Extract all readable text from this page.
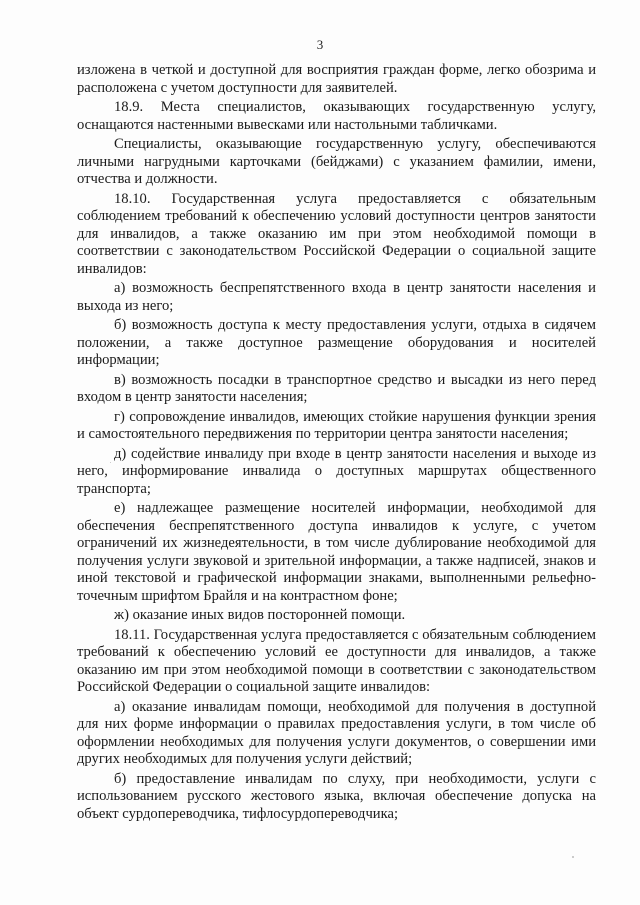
3

изложена в четкой и доступной для восприятия граждан форме, легко обозрима и расположена с учетом доступности для заявителей.

18.9. Места специалистов, оказывающих государственную услугу, оснащаются настенными вывесками или настольными табличками.

Специалисты, оказывающие государственную услугу, обеспечиваются личными нагрудными карточками (бейджами) с указанием фамилии, имени, отчества и должности.

18.10. Государственная услуга предоставляется с обязательным соблюдением требований к обеспечению условий доступности центров занятости для инвалидов, а также оказанию им при этом необходимой помощи в соответствии с законодательством Российской Федерации о социальной защите инвалидов:

а) возможность беспрепятственного входа в центр занятости населения и выхода из него;

б) возможность доступа к месту предоставления услуги, отдыха в сидячем положении, а также доступное размещение оборудования и носителей информации;

в) возможность посадки в транспортное средство и высадки из него перед входом в центр занятости населения;

г) сопровождение инвалидов, имеющих стойкие нарушения функции зрения и самостоятельного передвижения по территории центра занятости населения;

д) содействие инвалиду при входе в центр занятости населения и выходе из него, информирование инвалида о доступных маршрутах общественного транспорта;

е) надлежащее размещение носителей информации, необходимой для обеспечения беспрепятственного доступа инвалидов к услуге, с учетом ограничений их жизнедеятельности, в том числе дублирование необходимой для получения услуги звуковой и зрительной информации, а также надписей, знаков и иной текстовой и графической информации знаками, выполненными рельефно-точечным шрифтом Брайля и на контрастном фоне;

ж) оказание иных видов посторонней помощи.

18.11. Государственная услуга предоставляется с обязательным соблюдением требований к обеспечению условий ее доступности для инвалидов, а также оказанию им при этом необходимой помощи в соответствии с законодательством Российской Федерации о социальной защите инвалидов:

а) оказание инвалидам помощи, необходимой для получения в доступной для них форме информации о правилах предоставления услуги, в том числе об оформлении необходимых для получения услуги документов, о совершении ими других необходимых для получения услуги действий;

б) предоставление инвалидам по слуху, при необходимости, услуги с использованием русского жестового языка, включая обеспечение допуска на объект сурдопереводчика, тифлосурдопереводчика;
